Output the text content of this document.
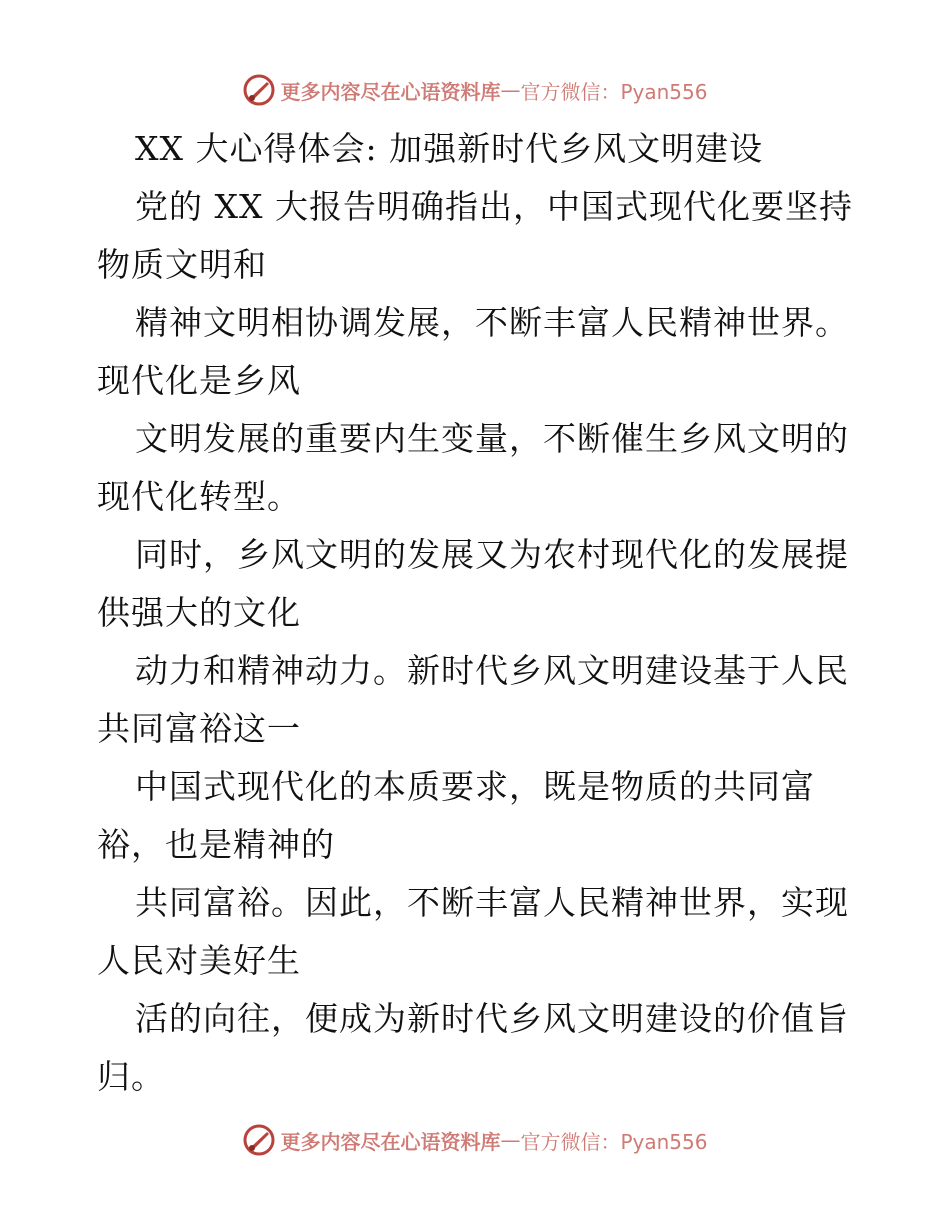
更多内容尽在心语资料库 — 官方微信：Pyan556
XX 大心得体会: 加强新时代乡风文明建设
党的 XX 大报告明确指出，中国式现代化要坚持
物质文明和
精神文明相协调发展，不断丰富人民精神世界。
现代化是乡风
文明发展的重要内生变量，不断催生乡风文明的
现代化转型。
同时，乡风文明的发展又为农村现代化的发展提
供强大的文化
动力和精神动力。新时代乡风文明建设基于人民
共同富裕这一
中国式现代化的本质要求，既是物质的共同富
裕，也是精神的
共同富裕。因此，不断丰富人民精神世界，实现
人民对美好生
活的向往，便成为新时代乡风文明建设的价值旨
归。
更多内容尽在心语资料库 — 官方微信：Pyan556
